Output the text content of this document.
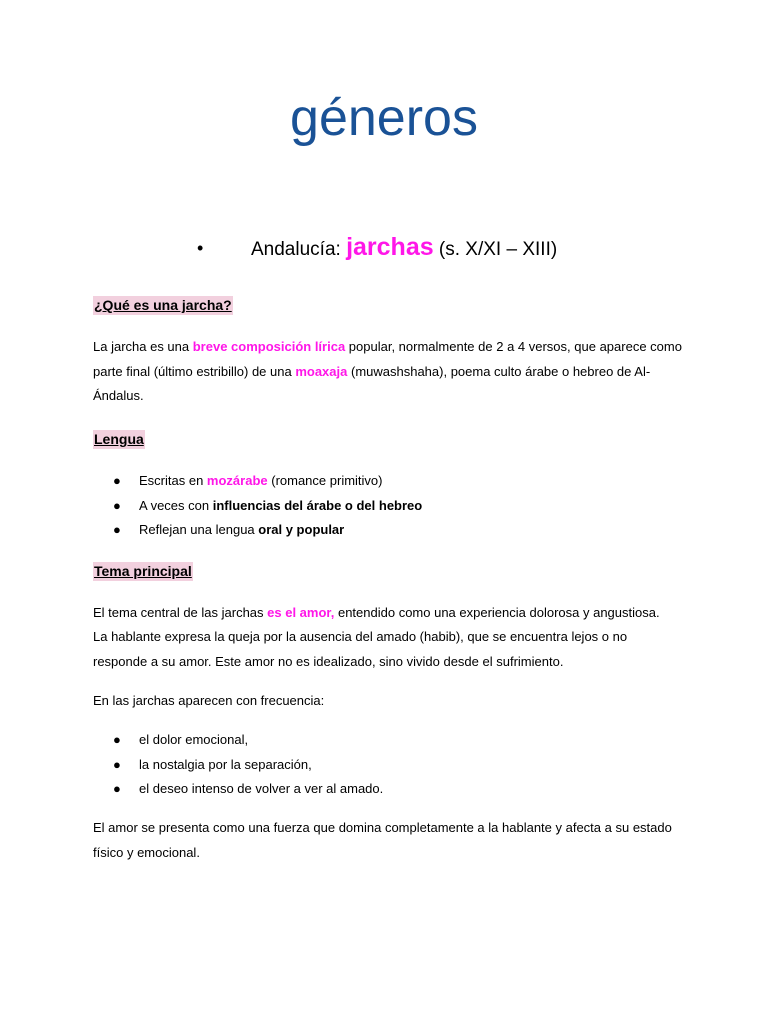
géneros
•	Andalucía: jarchas (s. X/XI – XIII)
¿Qué es una jarcha?
La jarcha es una breve composición lírica popular, normalmente de 2 a 4 versos, que aparece como
parte final (último estribillo) de una moaxaja (muwashshaha), poema culto árabe o hebreo de Al-
Ándalus.
Lengua
● Escritas en mozárabe (romance primitivo)
● A veces con influencias del árabe o del hebreo
● Reflejan una lengua oral y popular
Tema principal
El tema central de las jarchas es el amor, entendido como una experiencia dolorosa y angustiosa.
La hablante expresa la queja por la ausencia del amado (habib), que se encuentra lejos o no
responde a su amor. Este amor no es idealizado, sino vivido desde el sufrimiento.
En las jarchas aparecen con frecuencia:
● el dolor emocional,
● la nostalgia por la separación,
● el deseo intenso de volver a ver al amado.
El amor se presenta como una fuerza que domina completamente a la hablante y afecta a su estado
físico y emocional.
